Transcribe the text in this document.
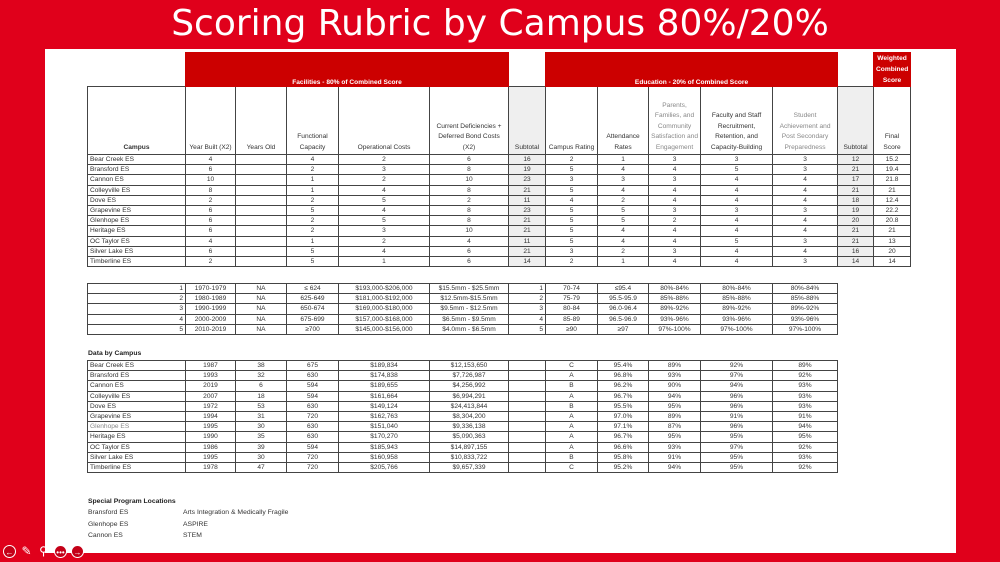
Scoring Rubric by Campus 80%/20%
	Facilities - 80% of Combined Score						Education - 20% of Combined Score						Weighted Combined Score
Campus	Year Built (X2)	Years Old	Functional Capacity	Operational Costs	Current Deficiencies + Deferred Bond Costs (X2)	Subtotal	Campus Rating	Attendance Rates	Parents, Families, and Community Satisfaction and Engagement	Faculty and Staff Recruitment, Retention, and Capacity-Building	Student Achievement and Post Secondary Preparedness	Subtotal	Final Score
Bear Creek ES	4		4	2	6	16	2	1	3	3	3	12	15.2
Bransford ES	6		2	3	8	19	5	4	4	5	3	21	19.4
Cannon ES	10		1	2	10	23	3	3	3	4	4	17	21.8
Colleyville ES	8		1	4	8	21	5	4	4	4	4	21	21
Dove ES	2		2	5	2	11	4	2	4	4	4	18	12.4
Grapevine ES	6		5	4	8	23	5	5	3	3	3	19	22.2
Glenhope ES	6		2	5	8	21	5	5	2	4	4	20	20.8
Heritage ES	6		2	3	10	21	5	4	4	4	4	21	21
OC Taylor ES	4		1	2	4	11	5	4	4	5	3	21	13
Silver Lake ES	6		5	4	6	21	3	2	3	4	4	16	20
Timberline ES	2		5	1	6	14	2	1	4	4	3	14	14
1	1970-1979	NA	≤ 624	$193,000-$206,000	$15.5mm - $25.5mm	1	70-74	≤95.4	80%-84%	80%-84%	80%-84%
2	1980-1989	NA	625-649	$181,000-$192,000	$12.5mm-$15.5mm	2	75-79	95.5-95.9	85%-88%	85%-88%	85%-88%
3	1990-1999	NA	650-674	$169,000-$180,000	$9.5mm - $12.5mm	3	80-84	96.0-96.4	89%-92%	89%-92%	89%-92%
4	2000-2009	NA	675-699	$157,000-$168,000	$6.5mm - $9.5mm	4	85-89	96.5-96.9	93%-96%	93%-96%	93%-96%
5	2010-2019	NA	≥700	$145,000-$156,000	$4.0mm - $6.5mm	5	≥90	≥97	97%-100%	97%-100%	97%-100%
Data by Campus
Bear Creek ES	1987	38	675	$189,834	$12,153,650		C	95.4%	89%	92%	89%
Bransford ES	1993	32	630	$174,838	$7,726,987		A	96.8%	93%	97%	92%
Cannon ES	2019	6	594	$189,655	$4,256,992		B	96.2%	90%	94%	93%
Colleyville ES	2007	18	594	$161,664	$6,994,291		A	96.7%	94%	96%	93%
Dove ES	1972	53	630	$149,124	$24,413,844		B	95.5%	95%	96%	93%
Grapevine ES	1994	31	720	$162,763	$8,304,200		A	97.0%	89%	91%	91%
Glenhope ES	1995	30	630	$151,040	$9,336,138		A	97.1%	87%	96%	94%
Heritage ES	1990	35	630	$170,270	$5,090,363		A	96.7%	95%	95%	95%
OC Taylor ES	1986	39	594	$185,943	$14,897,155		A	96.6%	93%	97%	92%
Silver Lake ES	1995	30	720	$160,958	$10,833,722		B	95.8%	91%	95%	93%
Timberline ES	1978	47	720	$205,766	$9,657,339		C	95.2%	94%	95%	92%
Special Program Locations
Bransford ES	Arts Integration & Medically Fragile
Glenhope ES	ASPIRE
Cannon ES	STEM
← ✎ ⚲ •••	→
